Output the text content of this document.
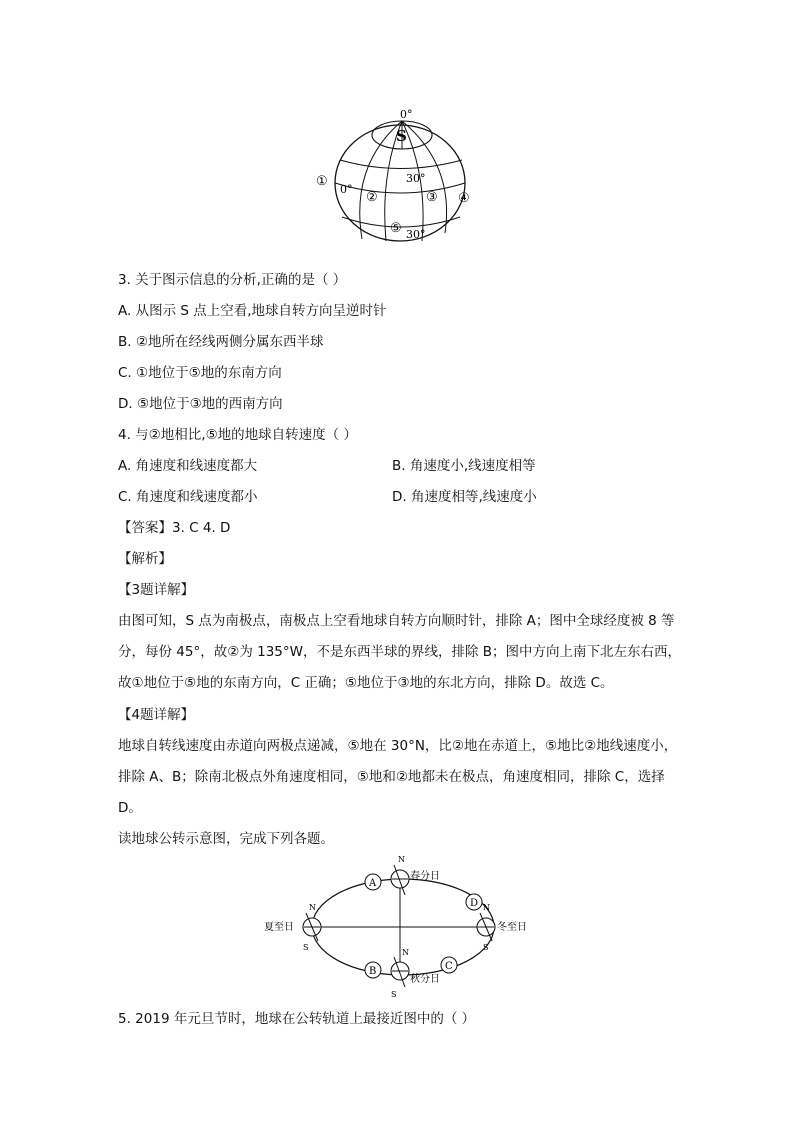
0°
S
①
0°
②
30°
③ ④
⑤ 30°
3. 关于图示信息的分析,正确的是（ ）
A. 从图示 S 点上空看,地球自转方向呈逆时针
B. ②地所在经线两侧分属东西半球
C. ①地位于⑤地的东南方向
D. ⑤地位于③地的西南方向
4. 与②地相比,⑤地的地球自转速度（ ）
A. 角速度和线速度都大	B. 角速度小,线速度相等
C. 角速度和线速度都小	D. 角速度相等,线速度小
【答案】3. C 4. D
【解析】
【3题详解】
由图可知，S 点为南极点，南极点上空看地球自转方向顺时针，排除 A；图中全球经度被 8 等分，每份 45°，故②为 135°W，不是东西半球的界线，排除 B；图中方向上南下北左东右西，故①地位于⑤地的东南方向，C 正确；⑤地位于③地的东北方向，排除 D。故选 C。
【4题详解】
地球自转线速度由赤道向两极点递减，⑤地在 30°N，比②地在赤道上，⑤地比②地线速度小，排除 A、B；除南北极点外角速度相同，⑤地和②地都未在极点，角速度相同，排除 C，选择 D。
读地球公转示意图，完成下列各题。
N
春分日
N
S
夏至日
N
S
冬至日
N
S
秋分日
A
B	C
D
5. 2019 年元旦节时，地球在公转轨道上最接近图中的（ ）
